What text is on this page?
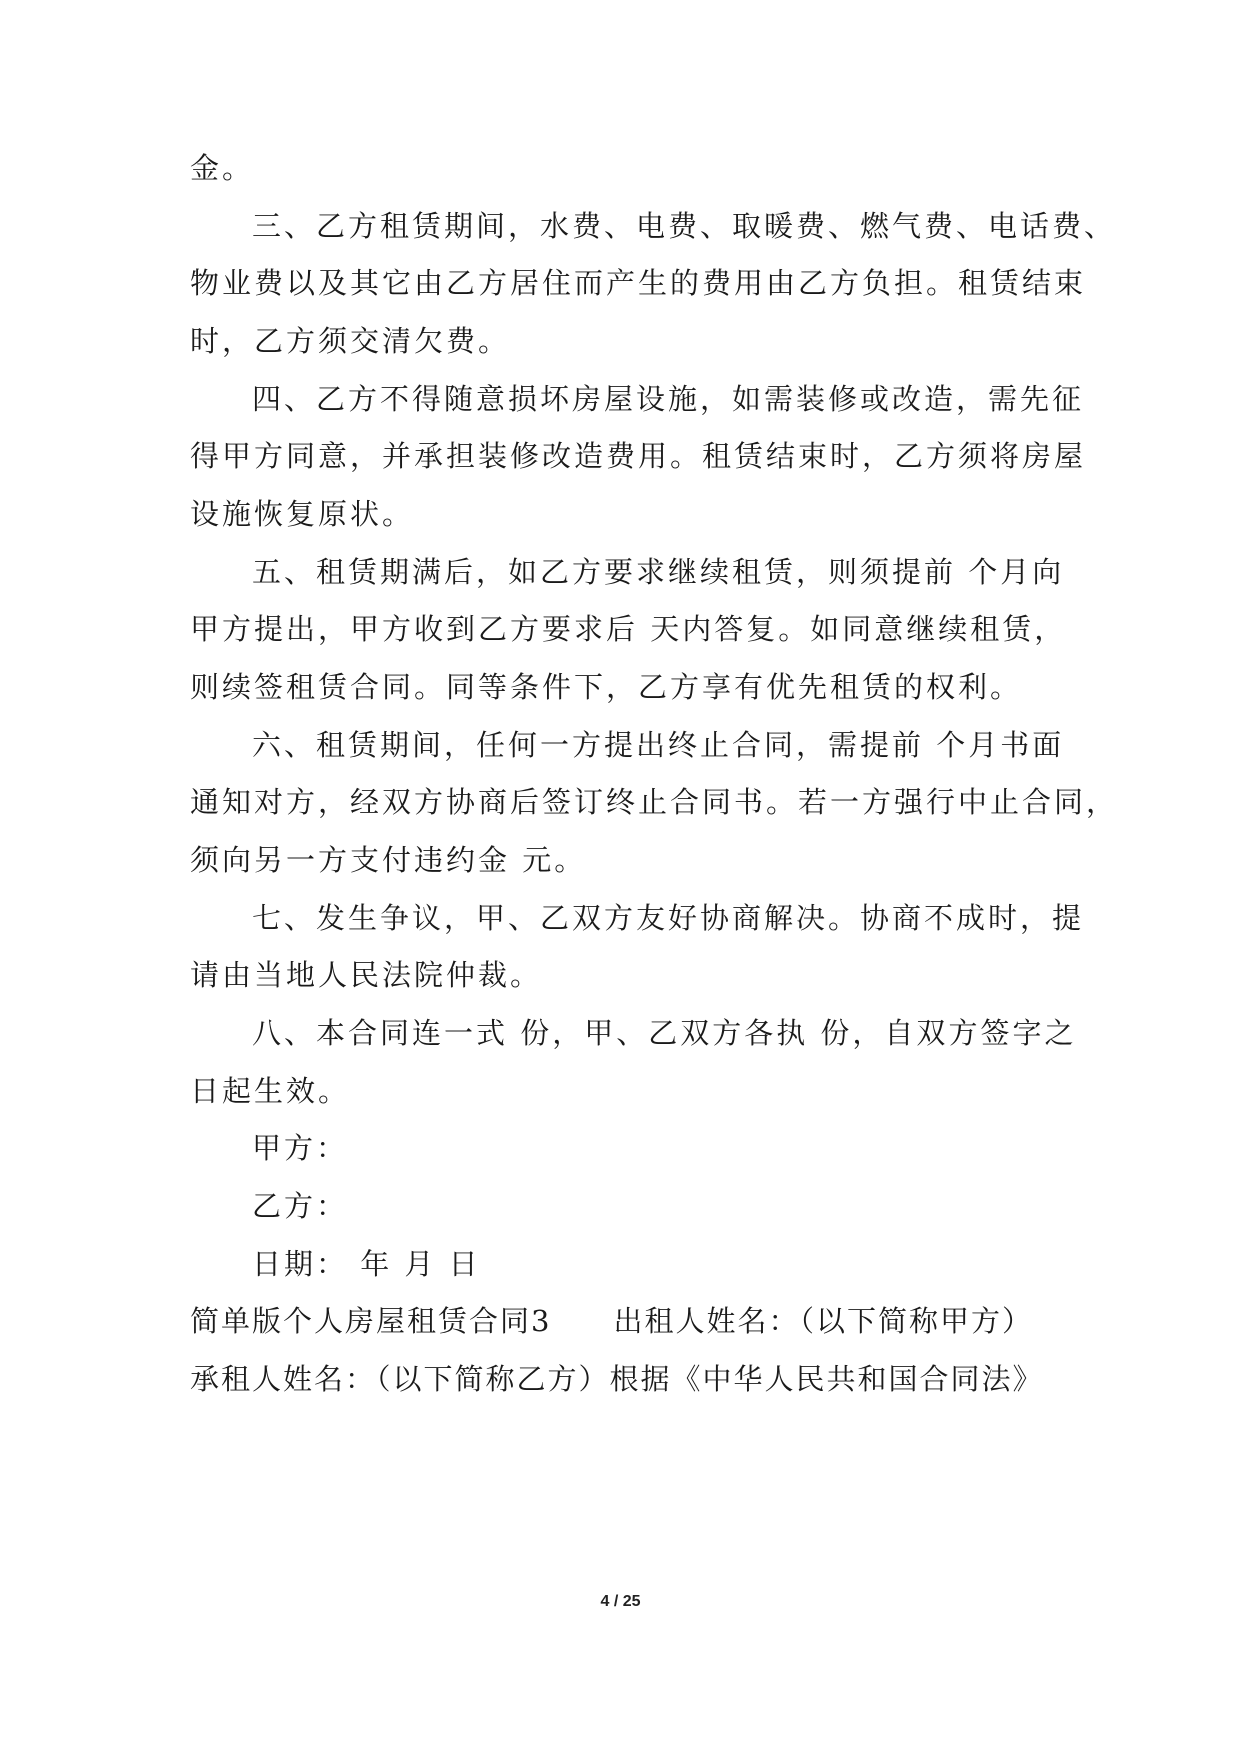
金。
三、乙方租赁期间，水费、电费、取暖费、燃气费、电话费、
物业费以及其它由乙方居住而产生的费用由乙方负担。租赁结束
时，乙方须交清欠费。
四、乙方不得随意损坏房屋设施，如需装修或改造，需先征
得甲方同意，并承担装修改造费用。租赁结束时，乙方须将房屋
设施恢复原状。
五、租赁期满后，如乙方要求继续租赁，则须提前 个月向
甲方提出，甲方收到乙方要求后 天内答复。如同意继续租赁，
则续签租赁合同。同等条件下，乙方享有优先租赁的权利。
六、租赁期间，任何一方提出终止合同，需提前 个月书面
通知对方，经双方协商后签订终止合同书。若一方强行中止合同，
须向另一方支付违约金 元。
七、发生争议，甲、乙双方友好协商解决。协商不成时，提
请由当地人民法院仲裁。
八、本合同连一式 份，甲、乙双方各执 份，自双方签字之
日起生效。
甲方：
乙方：
日期： 年 月 日
简单版个人房屋租赁合同3　　出租人姓名：（以下简称甲方）
承租人姓名：（以下简称乙方）根据《中华人民共和国合同法》
4 / 25
